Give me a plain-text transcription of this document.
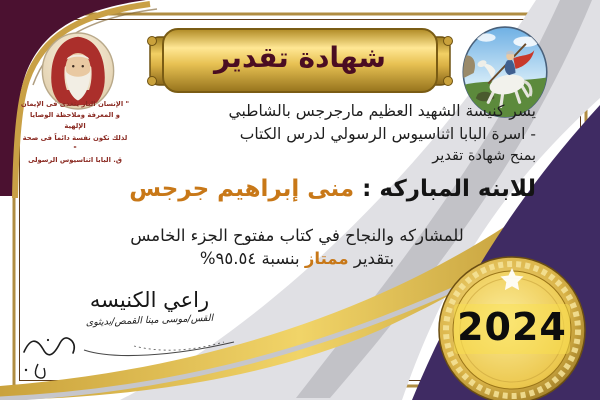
شهادة تقدير
" الإنسان البار يتغذى فى الإيمان
و المعرفة وملاحظة الوصايا الإلهية
لذلك تكون نفسة دائماً فى صحة "
ق. البابا اثناسيوس الرسولى
يسر كنيسة الشهيد العظيم مارجرجس بالشاطبي
- اسرة البابا اثناسيوس الرسولي لدرس الكتاب
بمنح شهادة تقدير
للابنه المباركه : منى إبراهيم جرجس
للمشاركه والنجاح في كتاب مفتوح الجزء الخامس
بتقدير ممتاز بنسبة ٩٥.٥٤%
راعي الكنيسه
القس/موسى مينا القمص/بديثوى	2024
